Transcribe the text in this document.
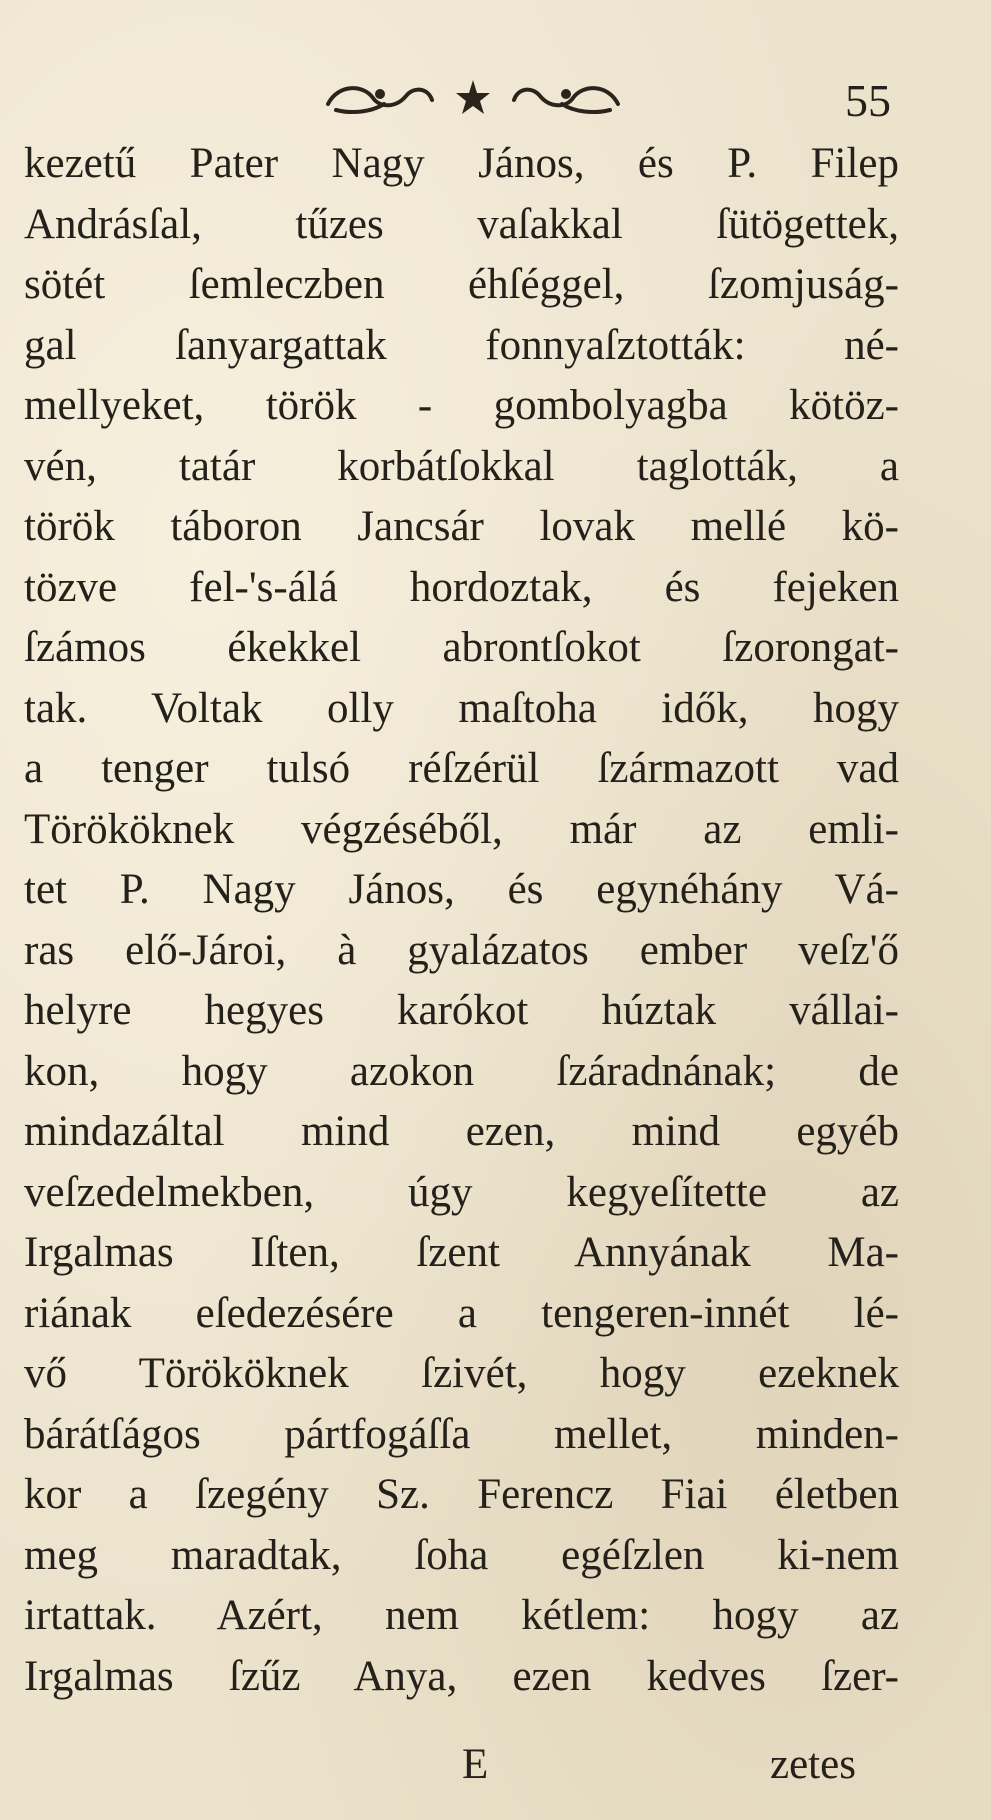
55
kezetű Pater Nagy János, és P. Filep
Andrásſal, tűzes vaſakkal ſütögettek,
sötét ſemleczben éhſéggel, ſzomjuság-
gal ſanyargattak fonnyaſztották: né-
mellyeket, török - gombolyagba kötöz-
vén, tatár korbátſokkal taglották, a
török táboron Jancsár lovak mellé kö-
tözve fel-'s-álá hordoztak, és fejeken
ſzámos ékekkel abrontſokot ſzorongat-
tak. Voltak olly maſtoha idők, hogy
a tenger tulsó réſzérül ſzármazott vad
Törököknek végzéséből, már az emli-
tet P. Nagy János, és egynéhány Vá-
ras elő-Jároi, à gyalázatos ember veſz'ő
helyre hegyes karókot húztak vállai-
kon, hogy azokon ſzáradnának; de
mindazáltal mind ezen, mind egyéb
veſzedelmekben, úgy kegyeſítette az
Irgalmas Iſten, ſzent Annyának Ma-
riának eſedezésére a tengeren-innét lé-
vő Törököknek ſzivét, hogy ezeknek
bárátſágos pártfogáſſa mellet, minden-
kor a ſzegény Sz. Ferencz Fiai életben
meg maradtak, ſoha egéſzlen ki-nem
irtattak. Azért, nem kétlem: hogy az
Irgalmas ſzűz Anya, ezen kedves ſzer-
E	zetes
